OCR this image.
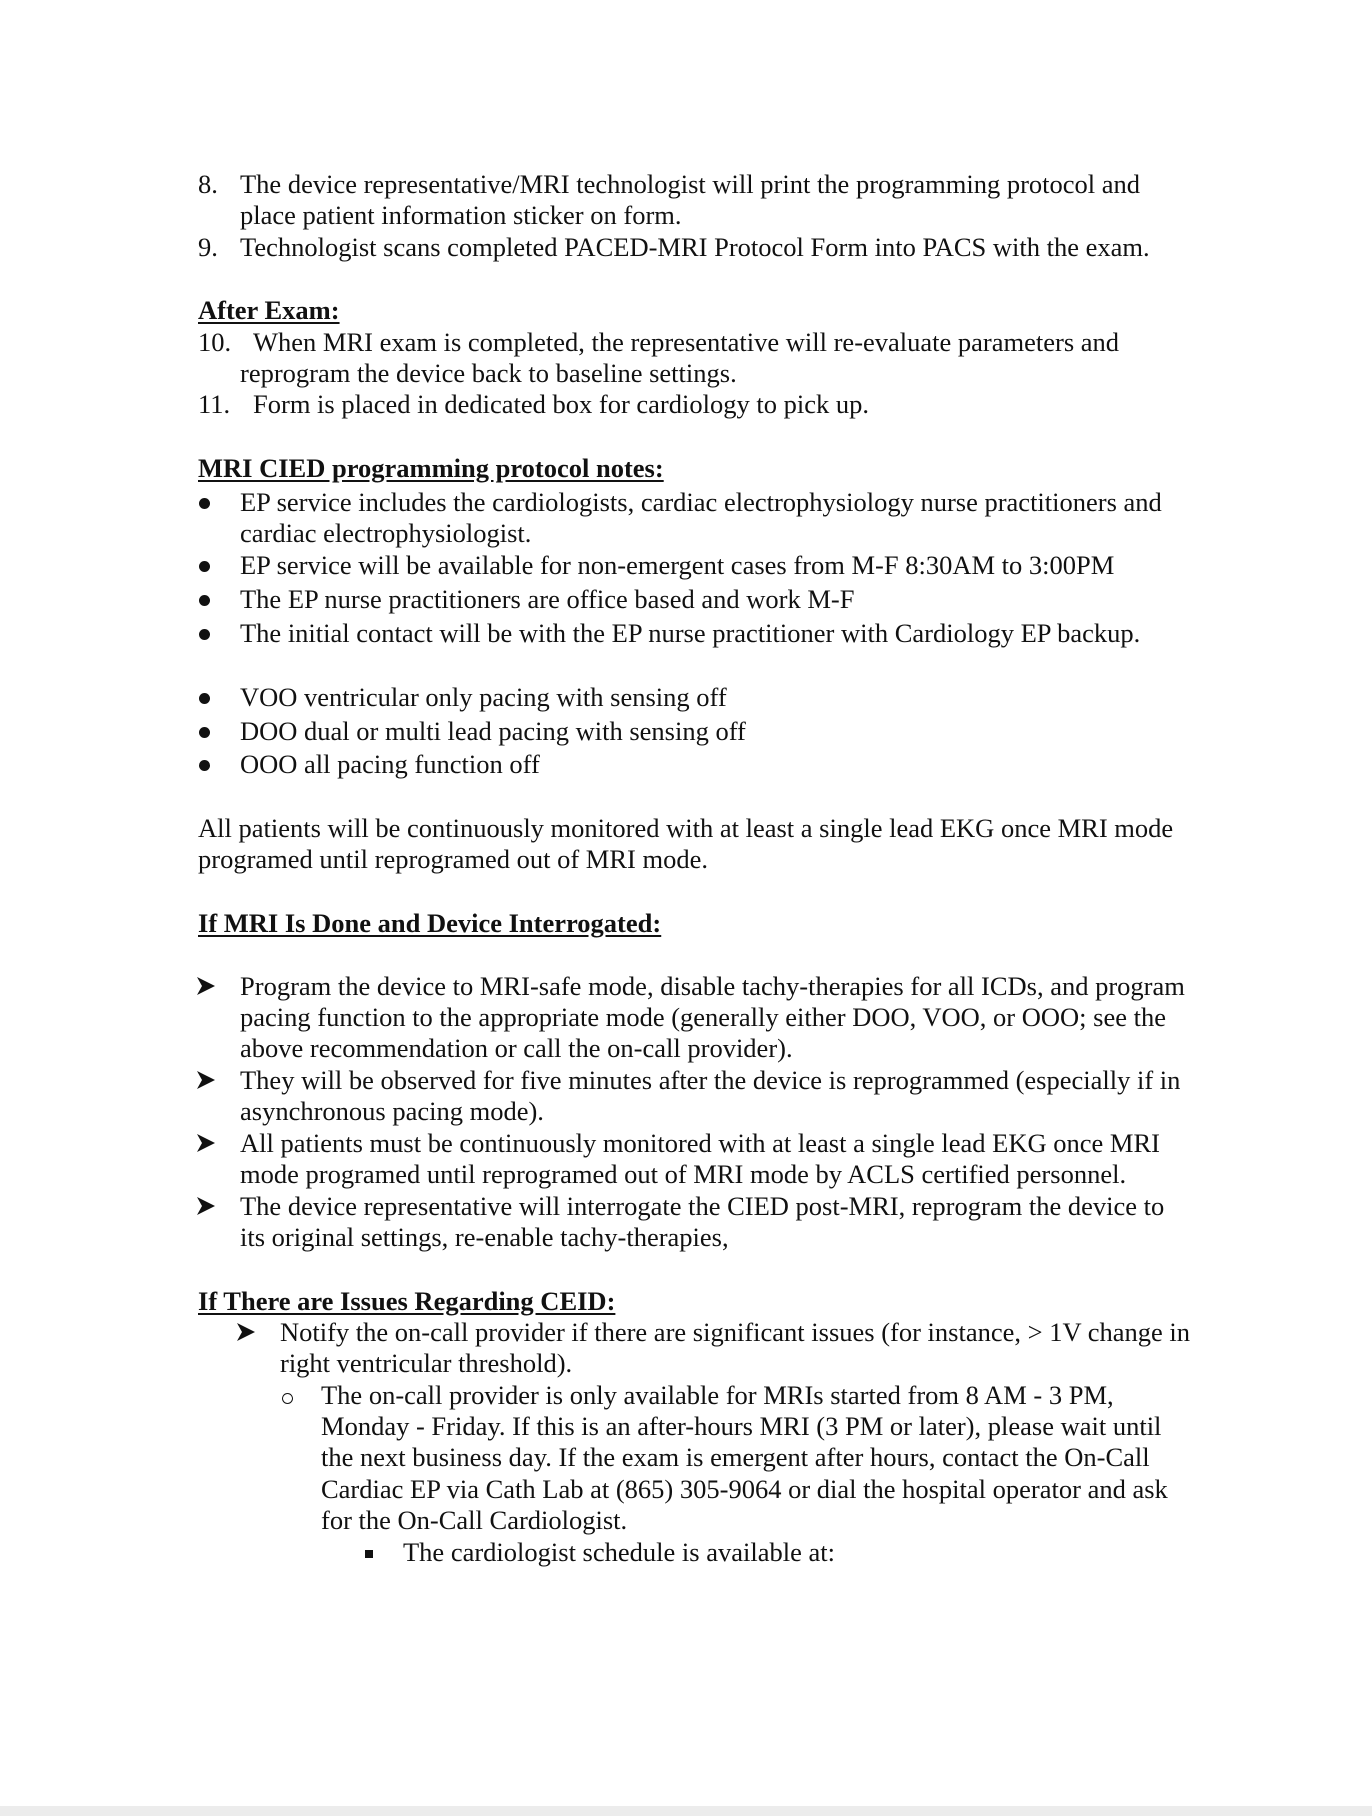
8. The device representative/MRI technologist will print the programming protocol and

place patient information sticker on form.

9. Technologist scans completed PACED-MRI Protocol Form into PACS with the exam.

After Exam:

10. When MRI exam is completed, the representative will re-evaluate parameters and

reprogram the device back to baseline settings.

11. Form is placed in dedicated box for cardiology to pick up.

MRI CIED programming protocol notes:

EP service includes the cardiologists, cardiac electrophysiology nurse practitioners and

cardiac electrophysiologist.

EP service will be available for non-emergent cases from M-F 8:30AM to 3:00PM

The EP nurse practitioners are office based and work M-F

The initial contact will be with the EP nurse practitioner with Cardiology EP backup.

VOO ventricular only pacing with sensing off

DOO dual or multi lead pacing with sensing off

OOO all pacing function off

All patients will be continuously monitored with at least a single lead EKG once MRI mode

programed until reprogramed out of MRI mode.

If MRI Is Done and Device Interrogated:

Program the device to MRI-safe mode, disable tachy-therapies for all ICDs, and program

pacing function to the appropriate mode (generally either DOO, VOO, or OOO; see the

above recommendation or call the on-call provider).

They will be observed for five minutes after the device is reprogrammed (especially if in

asynchronous pacing mode).

All patients must be continuously monitored with at least a single lead EKG once MRI

mode programed until reprogramed out of MRI mode by ACLS certified personnel.

The device representative will interrogate the CIED post-MRI, reprogram the device to

its original settings, re-enable tachy-therapies,

If There are Issues Regarding CEID:

Notify the on-call provider if there are significant issues (for instance, > 1V change in

right ventricular threshold).

The on-call provider is only available for MRIs started from 8 AM - 3 PM,

Monday - Friday. If this is an after-hours MRI (3 PM or later), please wait until

the next business day. If the exam is emergent after hours, contact the On-Call

Cardiac EP via Cath Lab at (865) 305-9064 or dial the hospital operator and ask

for the On-Call Cardiologist.

The cardiologist schedule is available at:
